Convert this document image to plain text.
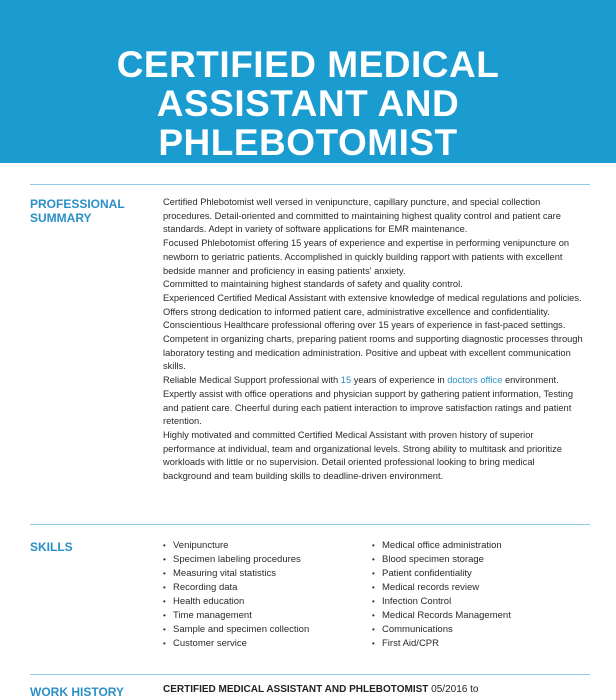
CERTIFIED MEDICAL
ASSISTANT AND
PHLEBOTOMIST
PROFESSIONAL
SUMMARY

Certified Phlebotomist well versed in venipuncture, capillary puncture, and special collection procedures. Detail-oriented and committed to maintaining highest quality control and patient care standards. Adept in variety of software applications for EMR maintenance.

Focused Phlebotomist offering 15 years of experience and expertise in performing venipuncture on newborn to geriatric patients. Accomplished in quickly building rapport with patients with excellent bedside manner and proficiency in easing patients' anxiety.

Committed to maintaining highest standards of safety and quality control.

Experienced Certified Medical Assistant with extensive knowledge of medical regulations and policies. Offers strong dedication to informed patient care, administrative excellence and confidentiality.

Conscientious Healthcare professional offering over 15 years of experience in fast-paced settings. Competent in organizing charts, preparing patient rooms and supporting diagnostic processes through laboratory testing and medication administration. Positive and upbeat with excellent communication skills.

Reliable Medical Support professional with 15 years of experience in doctors office environment. Expertly assist with office operations and physician support by gathering patient information, Testing and patient care. Cheerful during each patient interaction to improve satisfaction ratings and patient retention.

Highly motivated and committed Certified Medical Assistant with proven history of superior performance at individual, team and organizational levels. Strong ability to multitask and prioritize workloads with little or no supervision. Detail oriented professional looking to bring medical background and team building skills to deadline-driven environment.

SKILLS	• Venipuncture
• Specimen labeling procedures
• Measuring vital statistics
• Recording data
• Health education
• Time management
• Sample and specimen collection
• Customer service
• Medical office administration
• Blood specimen storage
• Patient confidentiality
• Medical records review
• Infection Control
• Medical Records Management
• Communications
• First Aid/CPR
WORK HISTORY	CERTIFIED MEDICAL ASSISTANT AND PHLEBOTOMIST 05/2016 to
